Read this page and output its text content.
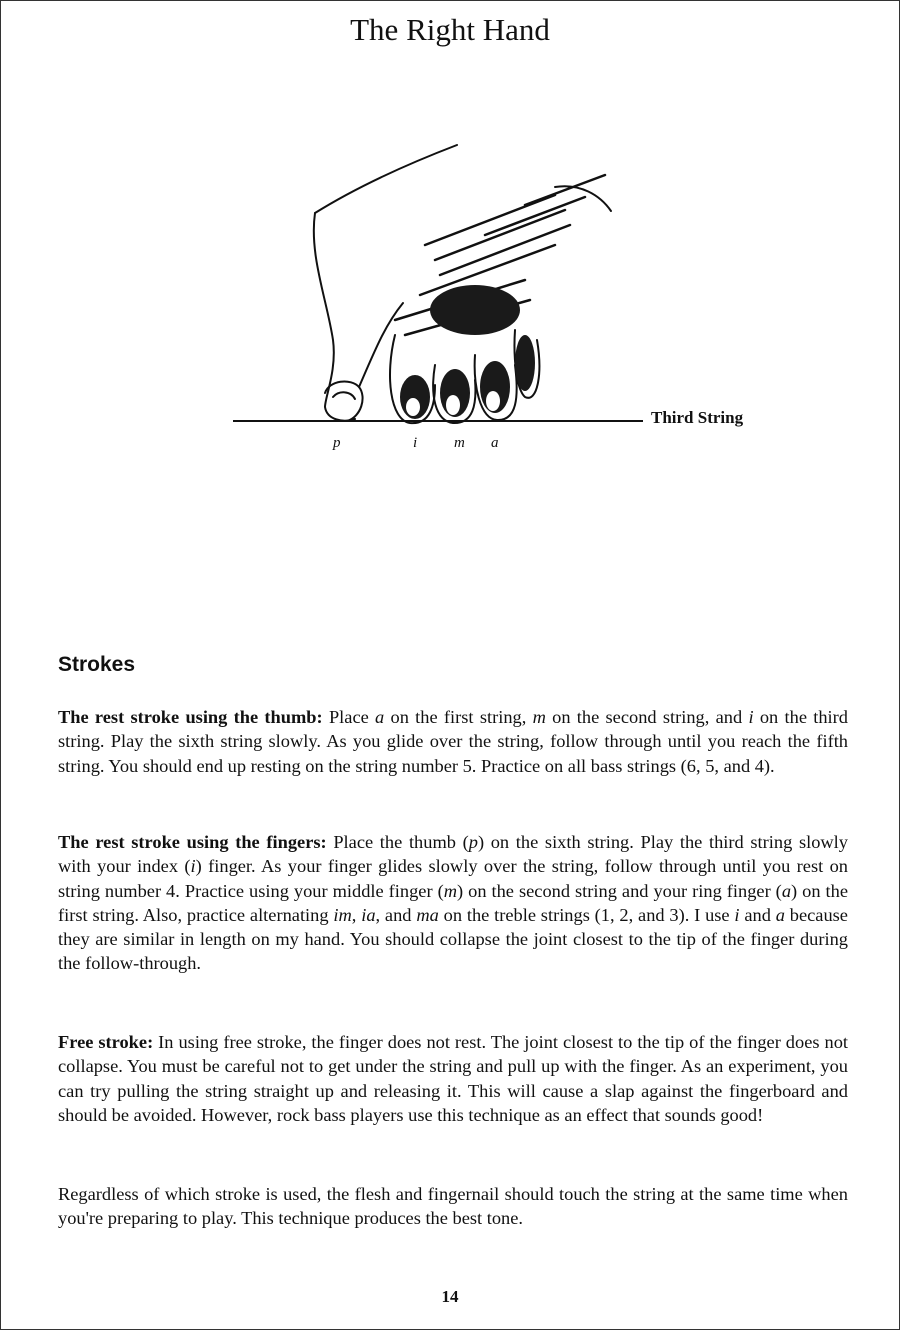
The Right Hand
Third String
p	i m a
Strokes

The rest stroke using the thumb: Place a on the first string, m on the second string, and i on the third string. Play the sixth string slowly. As you glide over the string, follow through until you reach the fifth string. You should end up resting on the string number 5. Practice on all bass strings (6, 5, and 4).

The rest stroke using the fingers: Place the thumb (p) on the sixth string. Play the third string slowly with your index (i) finger. As your finger glides slowly over the string, follow through until you rest on string number 4. Practice using your middle finger (m) on the second string and your ring finger (a) on the first string. Also, practice alternating im, ia, and ma on the treble strings (1, 2, and 3). I use i and a because they are similar in length on my hand. You should collapse the joint closest to the tip of the finger during the follow-through.

Free stroke: In using free stroke, the finger does not rest. The joint closest to the tip of the finger does not collapse. You must be careful not to get under the string and pull up with the finger. As an experiment, you can try pulling the string straight up and releasing it. This will cause a slap against the fingerboard and should be avoided. However, rock bass players use this technique as an effect that sounds good!

Regardless of which stroke is used, the flesh and fingernail should touch the string at the same time when you're preparing to play. This technique produces the best tone.

14
